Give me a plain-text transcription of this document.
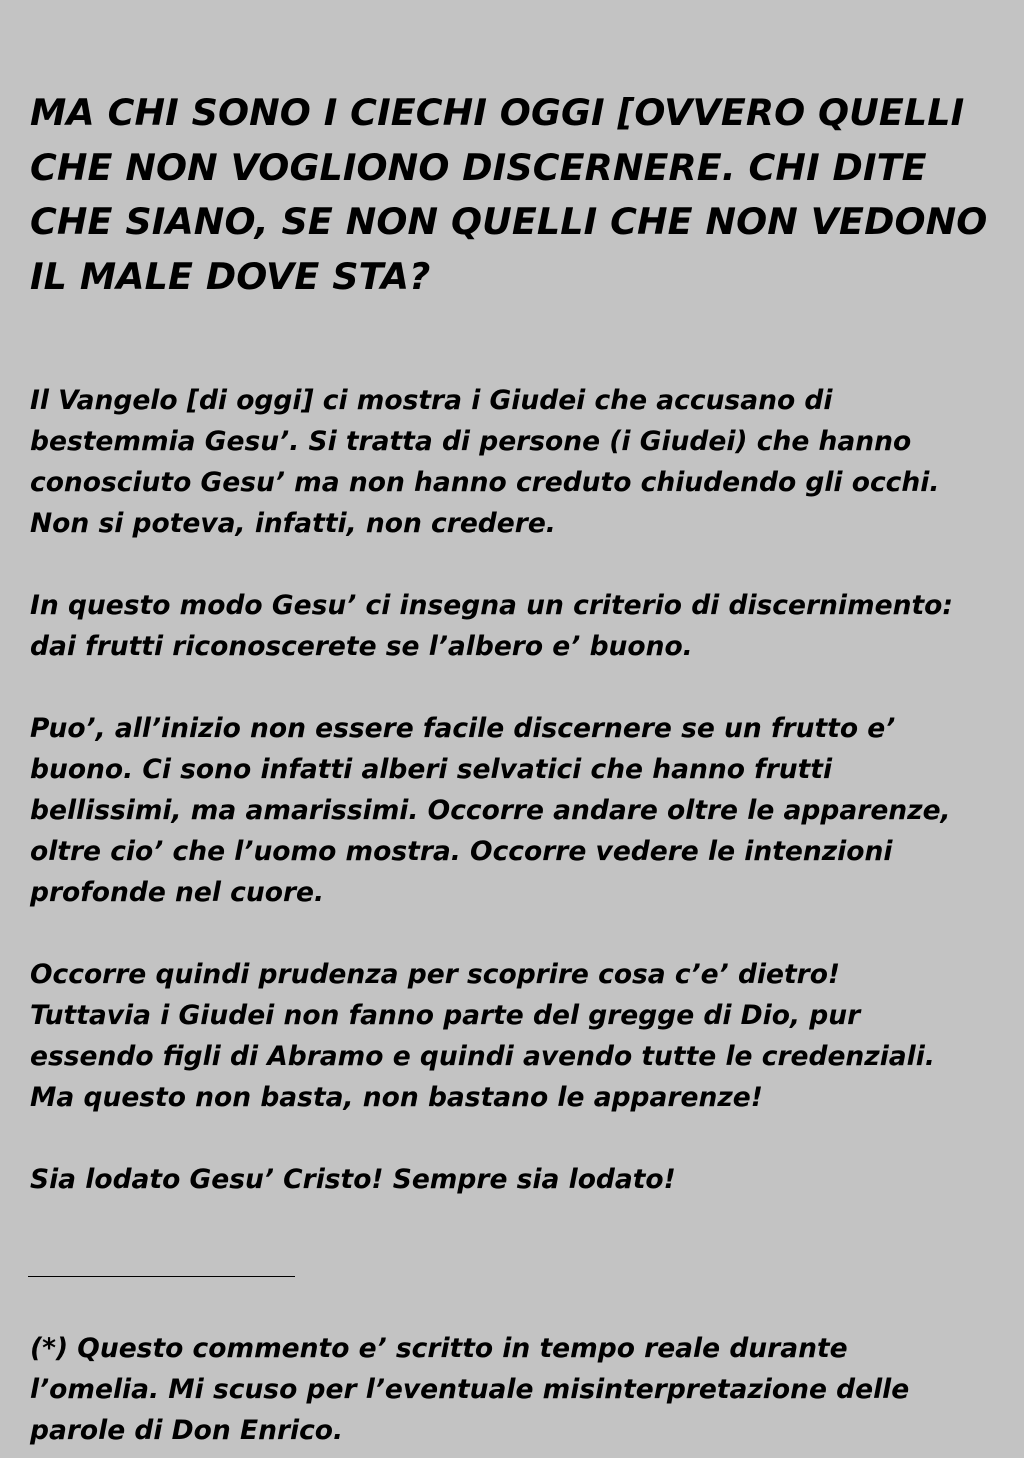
MA CHI SONO I CIECHI OGGI [OVVERO QUELLI
CHE NON VOGLIONO DISCERNERE. CHI DITE
CHE SIANO, SE NON QUELLI CHE NON VEDONO
IL MALE DOVE STA?

Il Vangelo [di oggi] ci mostra i Giudei che accusano di
bestemmia Gesu’. Si tratta di persone (i Giudei) che hanno
conosciuto Gesu’ ma non hanno creduto chiudendo gli occhi.
Non si poteva, infatti, non credere.

In questo modo Gesu’ ci insegna un criterio di discernimento:
dai frutti riconoscerete se l’albero e’ buono.

Puo’, all’inizio non essere facile discernere se un frutto e’
buono. Ci sono infatti alberi selvatici che hanno frutti
bellissimi, ma amarissimi. Occorre andare oltre le apparenze,
oltre cio’ che l’uomo mostra. Occorre vedere le intenzioni
profonde nel cuore.

Occorre quindi prudenza per scoprire cosa c’e’ dietro!
Tuttavia i Giudei non fanno parte del gregge di Dio, pur
essendo figli di Abramo e quindi avendo tutte le credenziali.
Ma questo non basta, non bastano le apparenze!

Sia lodato Gesu’ Cristo! Sempre sia lodato!

(*) Questo commento e’ scritto in tempo reale durante
l’omelia. Mi scuso per l’eventuale misinterpretazione delle
parole di Don Enrico.
